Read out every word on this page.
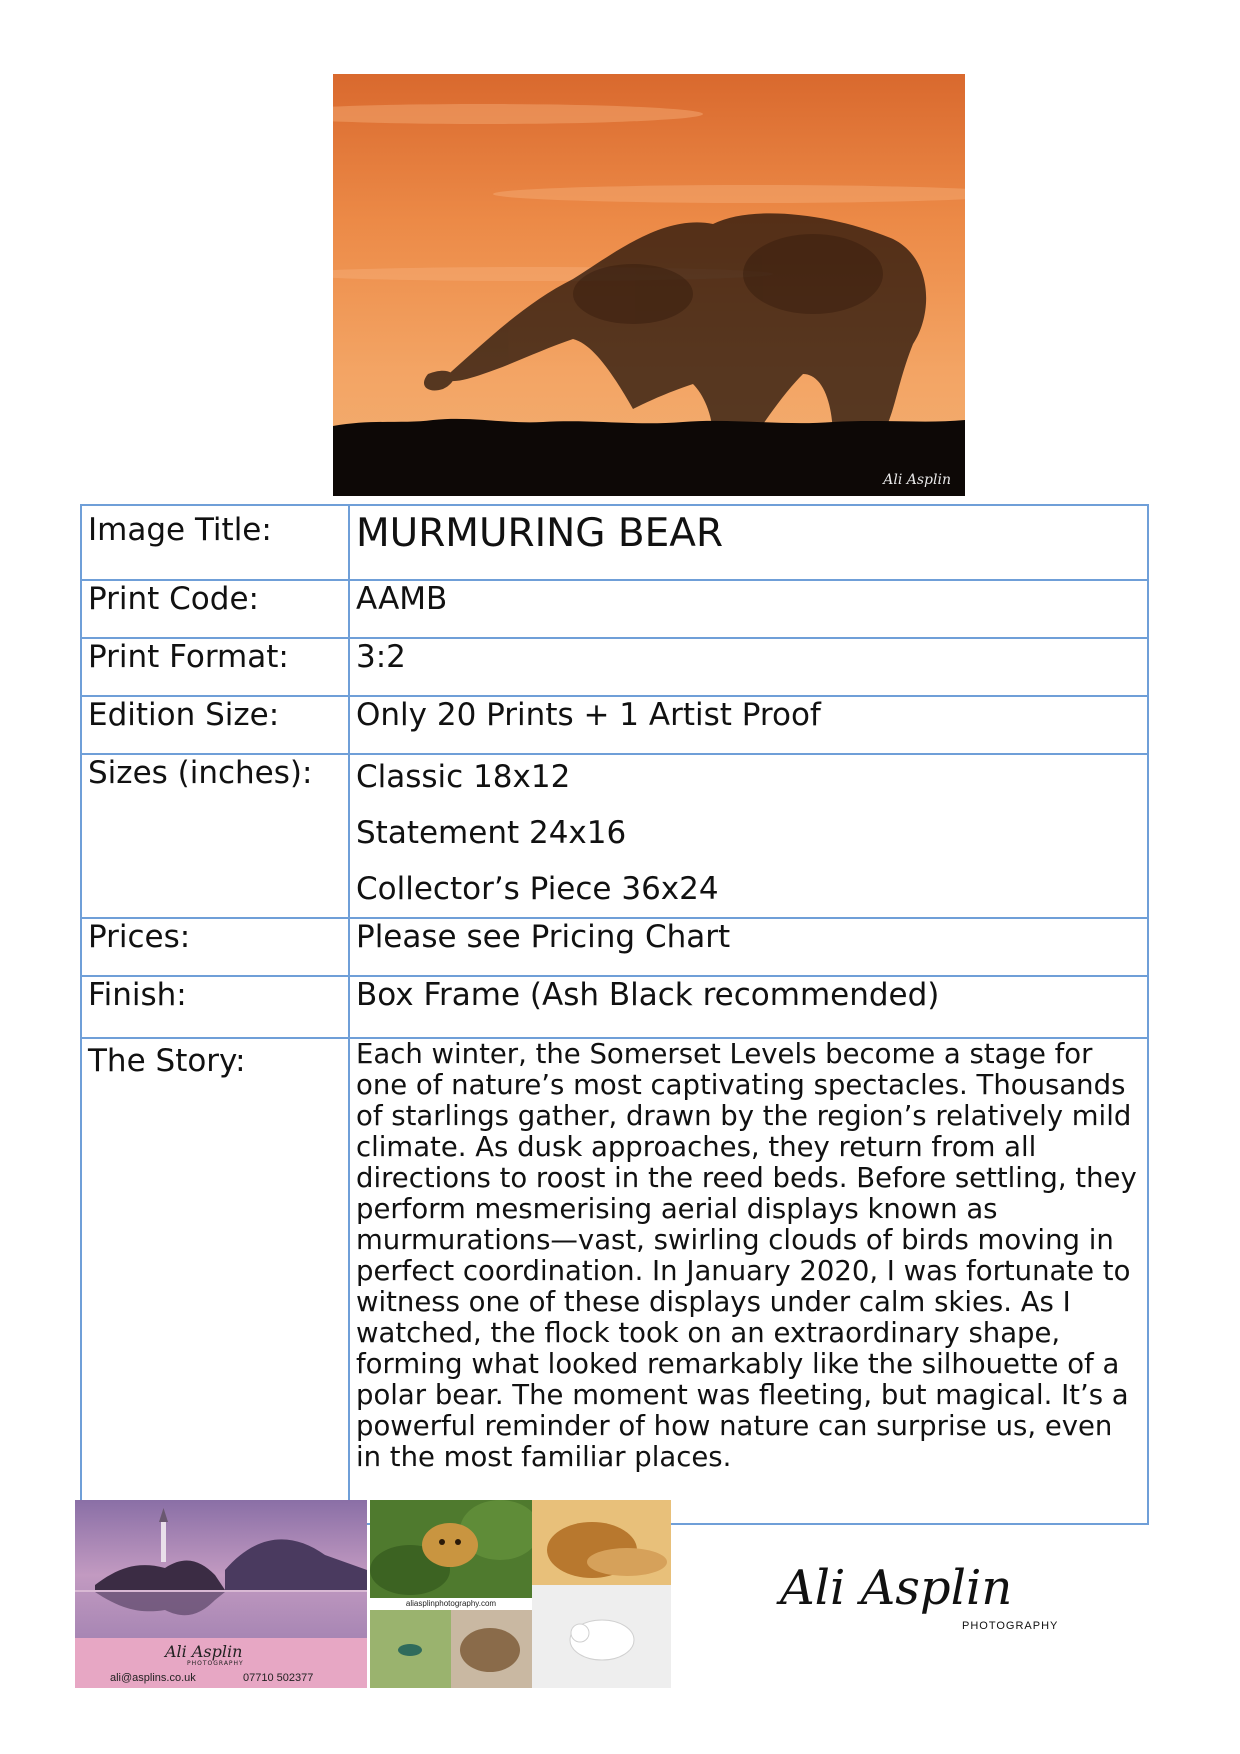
Ali Asplin
Image Title:	MURMURING BEAR
Print Code:	AAMB
Print Format:	3:2
Edition Size:	Only 20 Prints + 1 Artist Proof
Sizes (inches):	Classic 18x12
Statement 24x16
Collector’s Piece 36x24

Prices:	Please see Pricing Chart
Finish:	Box Frame (Ash Black recommended)
The Story:	Each winter, the Somerset Levels become a stage for one of nature’s most captivating spectacles. Thousands of starlings gather, drawn by the region’s relatively mild climate. As dusk approaches, they return from all directions to roost in the reed beds. Before settling, they perform mesmerising aerial displays known as murmurations—vast, swirling clouds of birds moving in perfect coordination. In January 2020, I was fortunate to witness one of these displays under calm skies. As I watched, the flock took on an extraordinary shape, forming what looked remarkably like the silhouette of a polar bear. The moment was fleeting, but magical. It’s a powerful reminder of how nature can surprise us, even in the most familiar places.
Ali Asplin
PHOTOGRAPHY
ali@asplins.co.uk	07710 502377
aliasplinphotography.com	Ali Asplin
PHOTOGRAPHY
